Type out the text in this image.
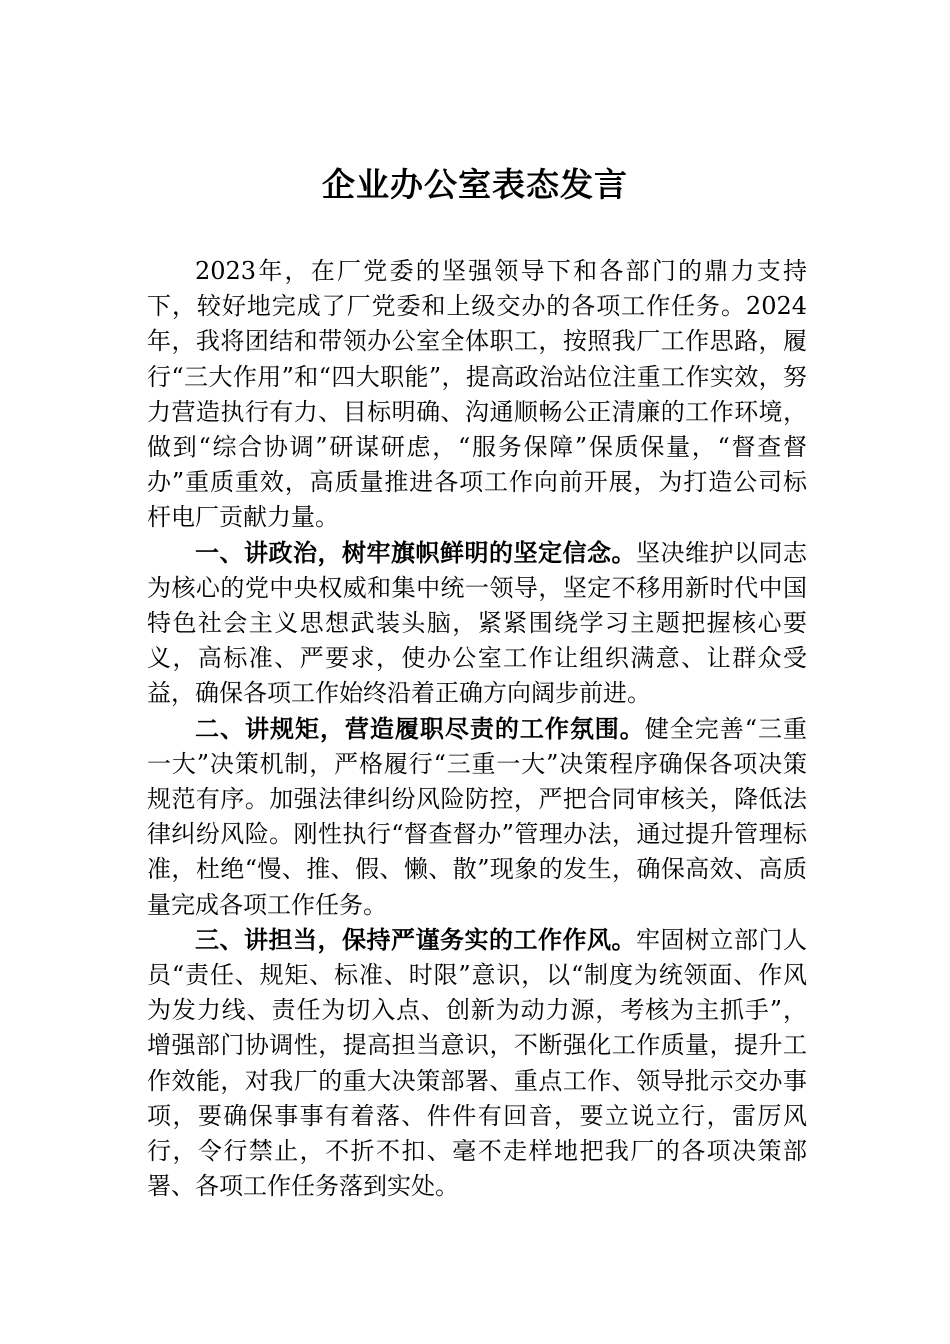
企业办公室表态发言

2023年，在厂党委的坚强领导下和各部门的鼎力支持下，较好地完成了厂党委和上级交办的各项工作任务。2024年，我将团结和带领办公室全体职工，按照我厂工作思路，履行“三大作用”和“四大职能”，提高政治站位注重工作实效，努力营造执行有力、目标明确、沟通顺畅公正清廉的工作环境，做到“综合协调”研谋研虑，“服务保障”保质保量，“督查督办”重质重效，高质量推进各项工作向前开展，为打造公司标杆电厂贡献力量。

一、讲政治，树牢旗帜鲜明的坚定信念。坚决维护以同志为核心的党中央权威和集中统一领导，坚定不移用新时代中国特色社会主义思想武装头脑，紧紧围绕学习主题把握核心要义，高标准、严要求，使办公室工作让组织满意、让群众受益，确保各项工作始终沿着正确方向阔步前进。

二、讲规矩，营造履职尽责的工作氛围。健全完善“三重一大”决策机制，严格履行“三重一大”决策程序确保各项决策规范有序。加强法律纠纷风险防控，严把合同审核关，降低法律纠纷风险。刚性执行“督查督办”管理办法，通过提升管理标准，杜绝“慢、推、假、懒、散”现象的发生，确保高效、高质量完成各项工作任务。

三、讲担当，保持严谨务实的工作作风。牢固树立部门人员“责任、规矩、标准、时限”意识，以“制度为统领面、作风为发力线、责任为切入点、创新为动力源，考核为主抓手”，增强部门协调性，提高担当意识，不断强化工作质量，提升工作效能，对我厂的重大决策部署、重点工作、领导批示交办事项，要确保事事有着落、件件有回音，要立说立行，雷厉风行，令行禁止，不折不扣、毫不走样地把我厂的各项决策部署、各项工作任务落到实处。
